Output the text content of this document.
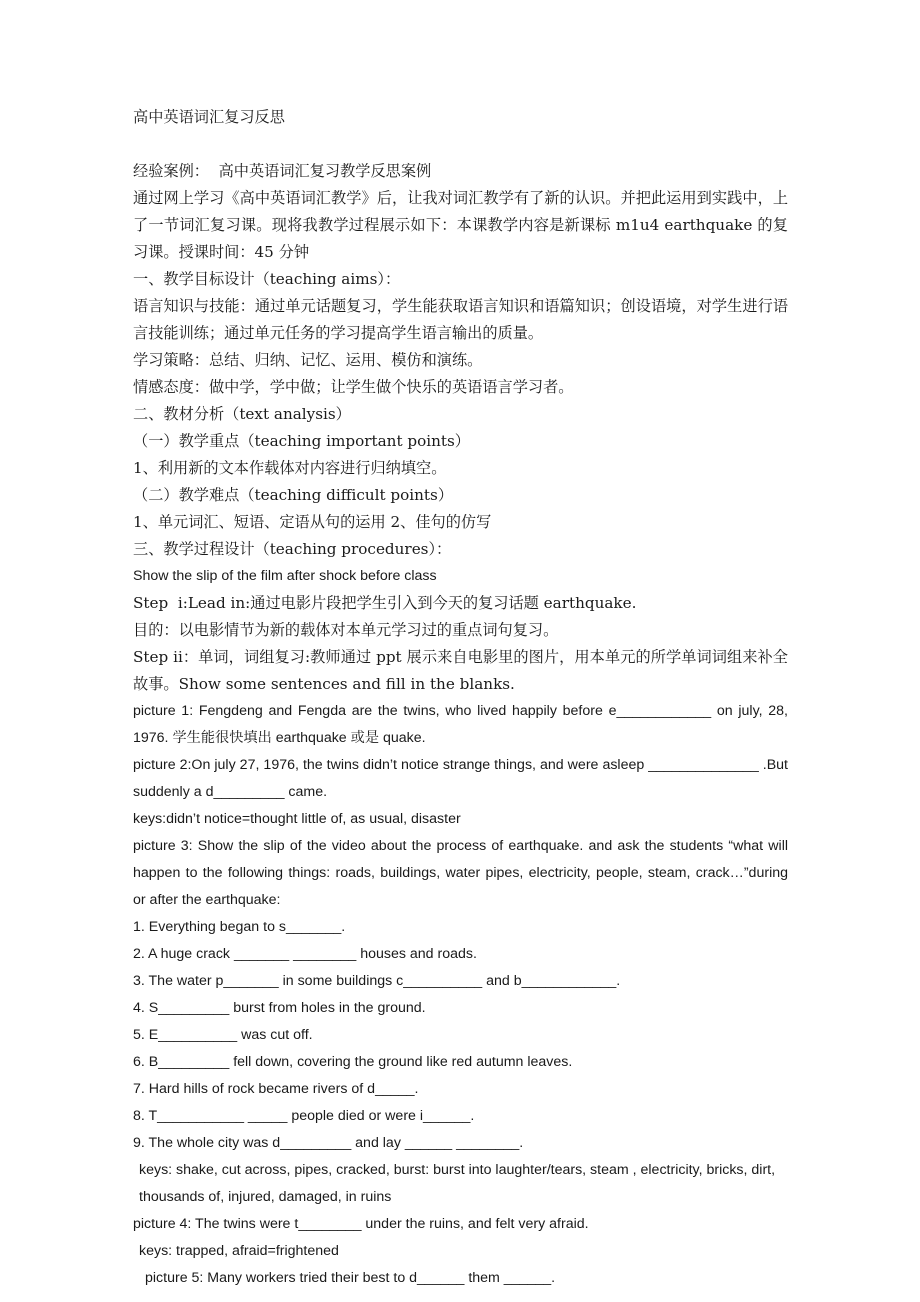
高中英语词汇复习反思

经验案例：  高中英语词汇复习教学反思案例

通过网上学习《高中英语词汇教学》后，让我对词汇教学有了新的认识。并把此运用到实践中，上了一节词汇复习课。现将我教学过程展示如下：本课教学内容是新课标 m1u4 earthquake 的复习课。授课时间：45 分钟

一、教学目标设计（teaching aims）：

语言知识与技能：通过单元话题复习，学生能获取语言知识和语篇知识；创设语境，对学生进行语言技能训练；通过单元任务的学习提高学生语言输出的质量。

学习策略：总结、归纳、记忆、运用、模仿和演练。

情感态度：做中学，学中做；让学生做个快乐的英语语言学习者。

二、教材分析（text analysis）

（一）教学重点（teaching important points）

1、利用新的文本作载体对内容进行归纳填空。

（二）教学难点（teaching difficult points）

1、单元词汇、短语、定语从句的运用 2、佳句的仿写

三、教学过程设计（teaching procedures）：

Show the slip of the film after shock before class

Step  ⅰ:Lead in:通过电影片段把学生引入到今天的复习话题 earthquake.

目的：以电影情节为新的载体对本单元学习过的重点词句复习。

Step ⅱ：单词，词组复习:教师通过 ppt 展示来自电影里的图片，用本单元的所学单词词组来补全故事。Show some sentences and fill in the blanks.

picture 1: Fengdeng and Fengda are the twins, who lived happily before e____________ on july, 28, 1976. 学生能很快填出 earthquake 或是 quake.

picture 2:On july 27, 1976, the twins didn’t notice strange things, and were asleep ______________ .But suddenly a d_________ came.

keys:didn’t notice=thought little of, as usual, disaster

picture 3: Show the slip of the video about the process of earthquake. and ask the students “what will happen to the following things: roads, buildings, water pipes, electricity, people, steam, crack…”during or after the earthquake:

1. Everything began to s_______.

2. A huge crack _______ ________ houses and roads.

3. The water p_______ in some buildings c__________ and b____________.

4. S_________ burst from holes in the ground.

5. E__________ was cut off.

6. B_________ fell down, covering the ground like red autumn leaves.

7. Hard hills of rock became rivers of d_____.

8. T___________ _____ people died or were i______.

9. The whole city was d_________ and lay ______ ________.

keys: shake, cut across, pipes, cracked, burst: burst into laughter/tears, steam , electricity, bricks, dirt, thousands of, injured, damaged, in ruins

picture 4: The twins were t________ under the ruins, and felt very afraid.

keys: trapped, afraid=frightened

picture 5: Many workers tried their best to d______ them ______.
